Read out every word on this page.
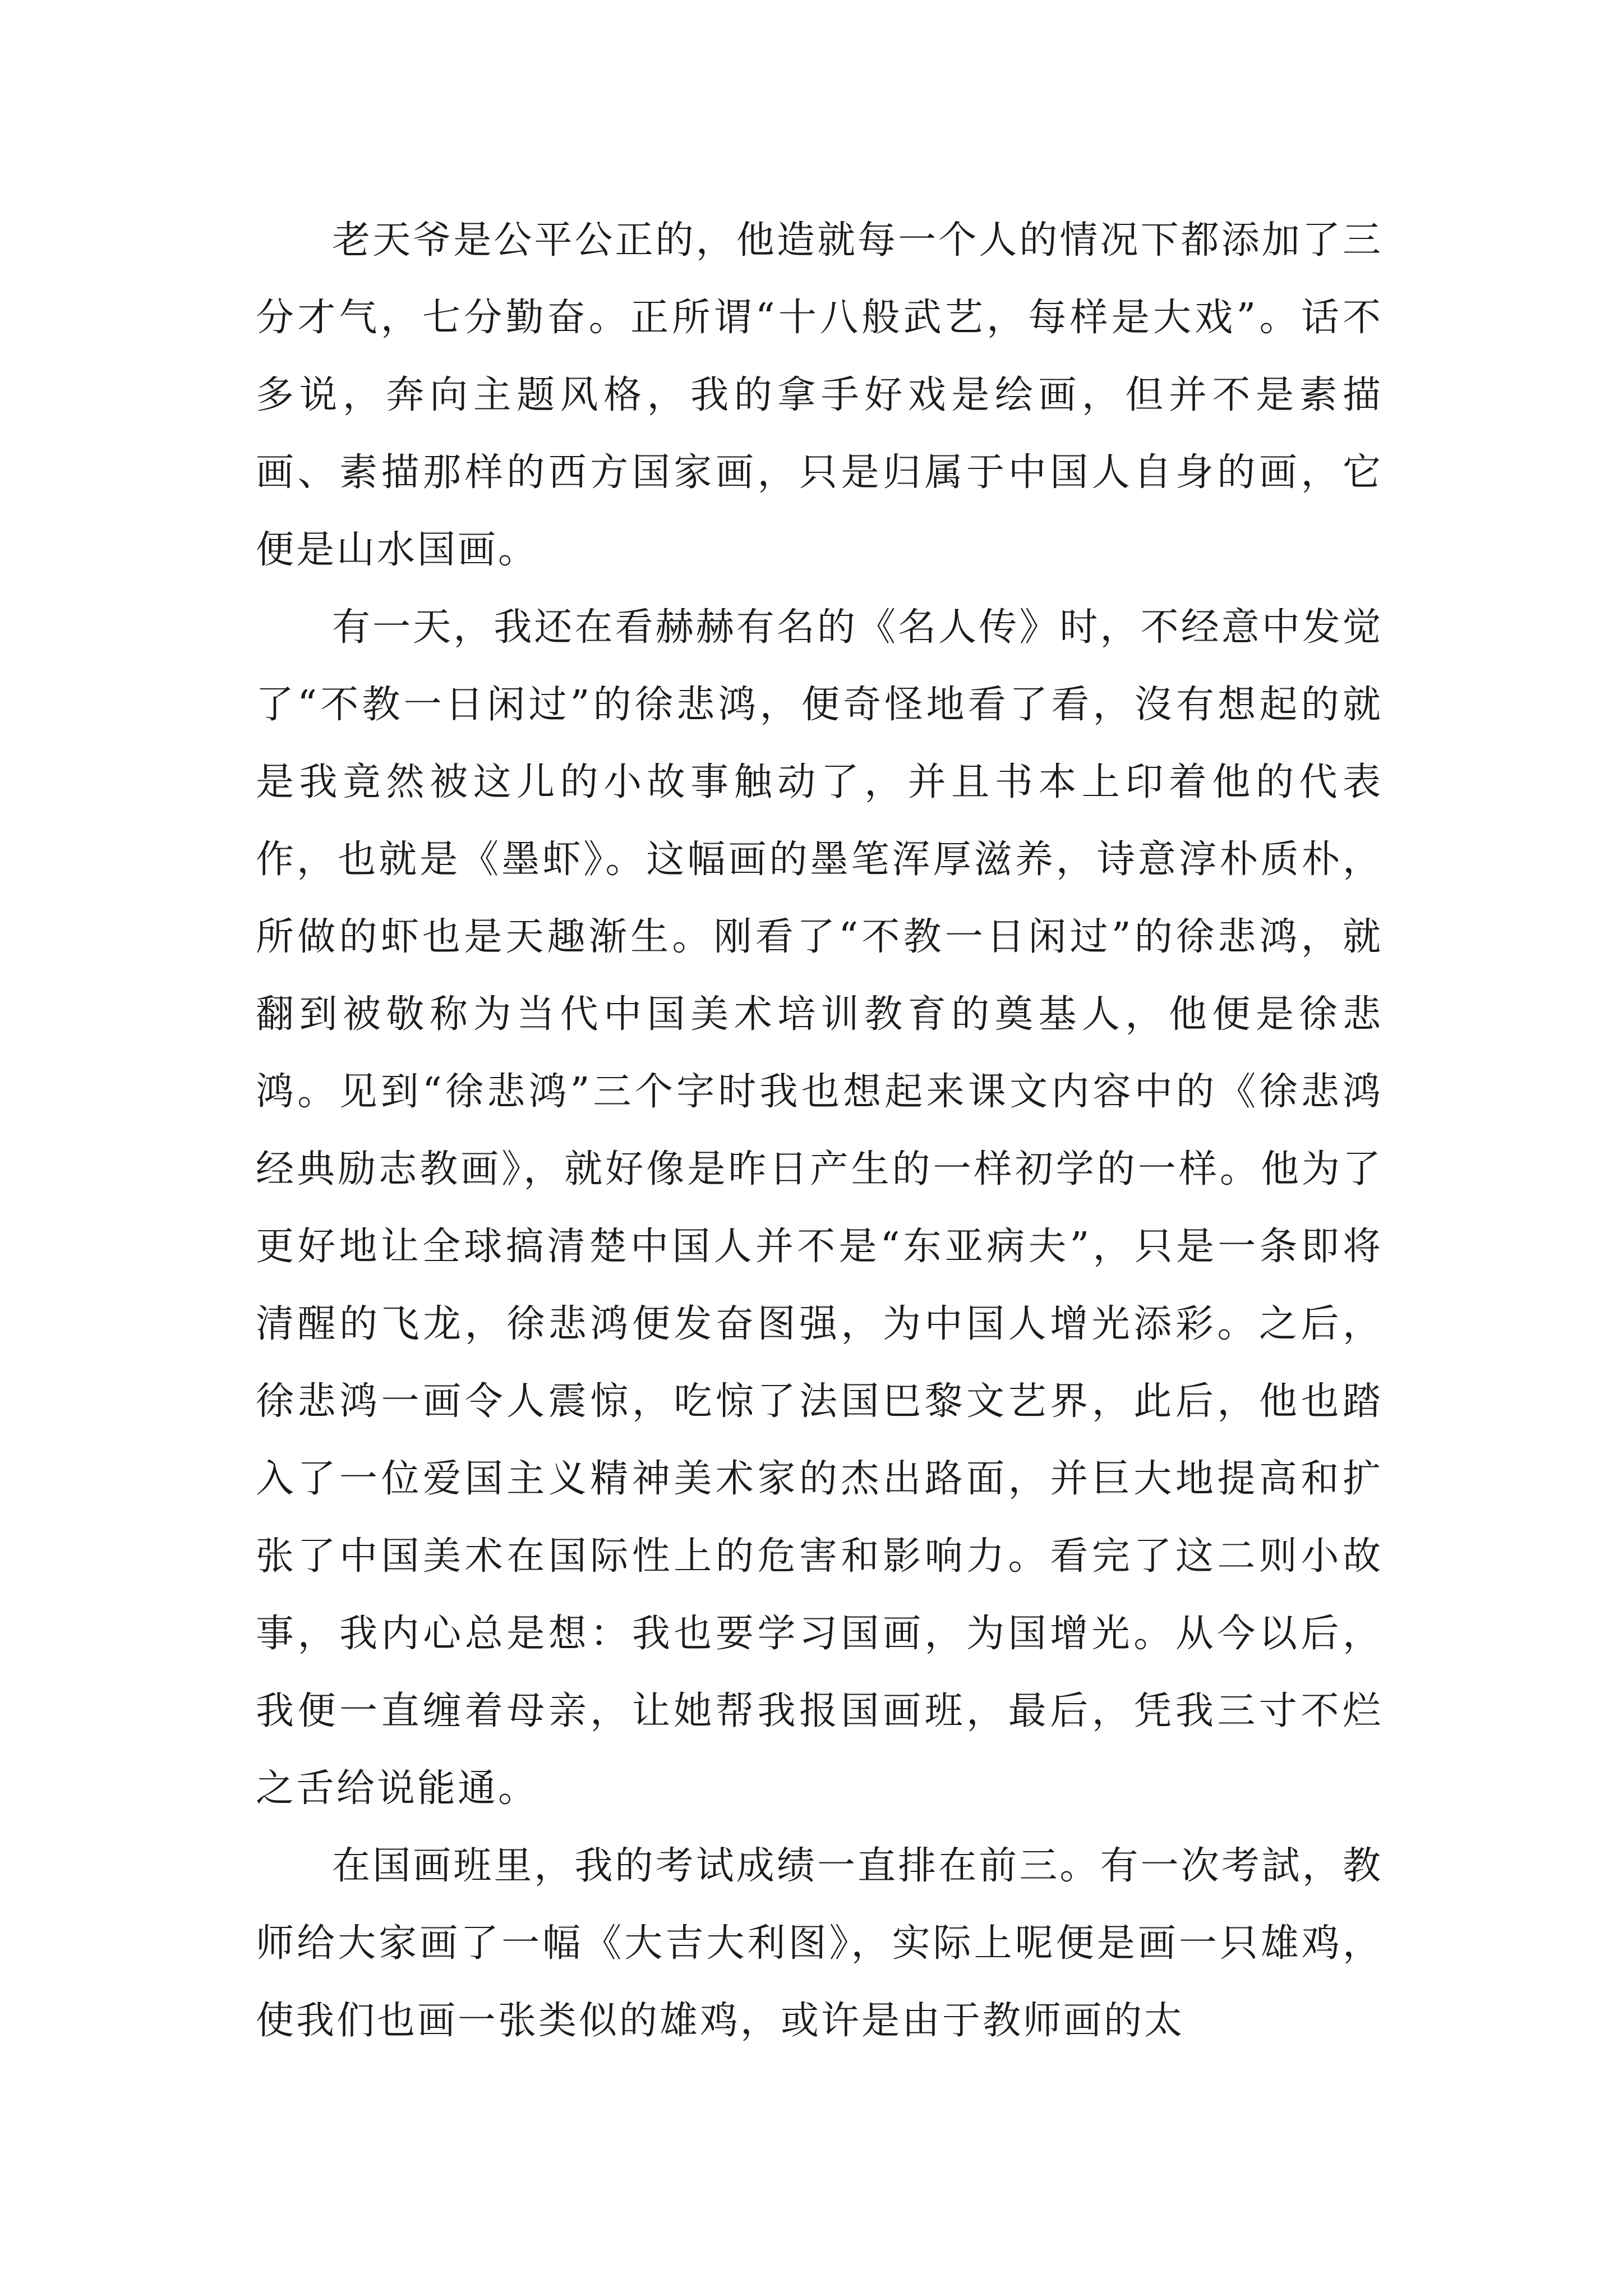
老天爷是公平公正的，他造就每一个人的情况下都添加了三分才气，七分勤奋。正所谓“十八般武艺，每样是大戏”。话不多说，奔向主题风格，我的拿手好戏是绘画，但并不是素描画、素描那样的西方国家画，只是归属于中国人自身的画，它便是山水国画。

有一天，我还在看赫赫有名的《名人传》时，不经意中发觉了“不教一日闲过”的徐悲鸿，便奇怪地看了看，沒有想起的就是我竟然被这儿的小故事触动了，并且书本上印着他的代表作，也就是《墨虾》。这幅画的墨笔浑厚滋养，诗意淳朴质朴，所做的虾也是天趣渐生。刚看了“不教一日闲过”的徐悲鸿，就翻到被敬称为当代中国美术培训教育的奠基人，他便是徐悲鸿。见到“徐悲鸿”三个字时我也想起来课文内容中的《徐悲鸿经典励志教画》，就好像是昨日产生的一样初学的一样。他为了更好地让全球搞清楚中国人并不是“东亚病夫”，只是一条即将清醒的飞龙，徐悲鸿便发奋图强，为中国人增光添彩。之后，徐悲鸿一画令人震惊，吃惊了法国巴黎文艺界，此后，他也踏入了一位爱国主义精神美术家的杰出路面，并巨大地提高和扩张了中国美术在国际性上的危害和影响力。看完了这二则小故事，我内心总是想：我也要学习国画，为国增光。从今以后，我便一直缠着母亲，让她帮我报国画班，最后，凭我三寸不烂之舌给说能通。

在国画班里，我的考试成绩一直排在前三。有一次考試，教师给大家画了一幅《大吉大利图》，实际上呢便是画一只雄鸡，使我们也画一张类似的雄鸡，或许是由于教师画的太
